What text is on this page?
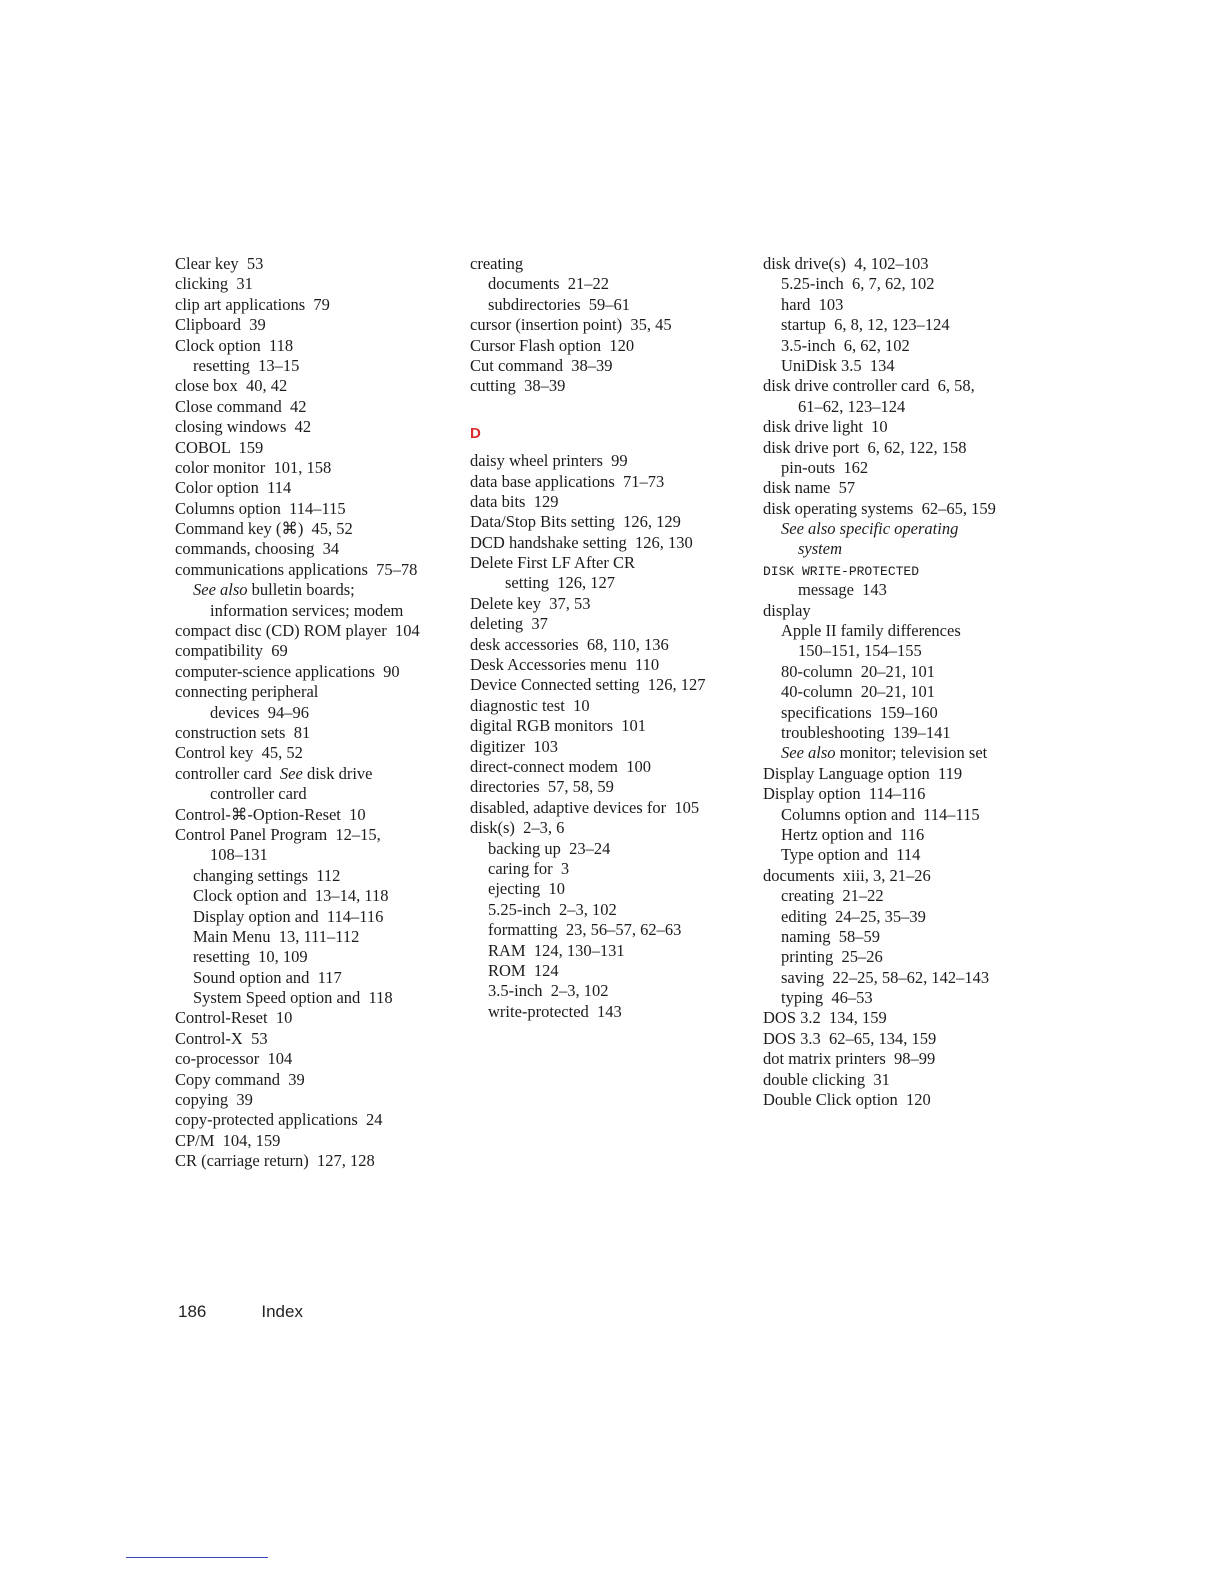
Clear key  53
clicking  31
clip art applications  79
Clipboard  39
Clock option  118
resetting  13–15
close box  40, 42
Close command  42
closing windows  42
COBOL  159
color monitor  101, 158
Color option  114
Columns option  114–115
Command key (⌘)  45, 52
commands, choosing  34
communications applications  75–78
See also bulletin boards;
information services; modem
compact disc (CD) ROM player  104
compatibility  69
computer-science applications  90
connecting peripheral
devices  94–96
construction sets  81
Control key  45, 52
controller card  See disk drive
controller card
Control-⌘-Option-Reset  10
Control Panel Program  12–15,
108–131
changing settings  112
Clock option and  13–14, 118
Display option and  114–116
Main Menu  13, 111–112
resetting  10, 109
Sound option and  117
System Speed option and  118
Control-Reset  10
Control-X  53
co-processor  104
Copy command  39
copying  39
copy-protected applications  24
CP/M  104, 159
CR (carriage return)  127, 128
creating
documents  21–22
subdirectories  59–61
cursor (insertion point)  35, 45
Cursor Flash option  120
Cut command  38–39
cutting  38–39
D
daisy wheel printers  99
data base applications  71–73
data bits  129
Data/Stop Bits setting  126, 129
DCD handshake setting  126, 130
Delete First LF After CR
setting  126, 127
Delete key  37, 53
deleting  37
desk accessories  68, 110, 136
Desk Accessories menu  110
Device Connected setting  126, 127
diagnostic test  10
digital RGB monitors  101
digitizer  103
direct-connect modem  100
directories  57, 58, 59
disabled, adaptive devices for  105
disk(s)  2–3, 6
backing up  23–24
caring for  3
ejecting  10
5.25-inch  2–3, 102
formatting  23, 56–57, 62–63
RAM  124, 130–131
ROM  124
3.5-inch  2–3, 102
write-protected  143
disk drive(s)  4, 102–103
5.25-inch  6, 7, 62, 102
hard  103
startup  6, 8, 12, 123–124
3.5-inch  6, 62, 102
UniDisk 3.5  134
disk drive controller card  6, 58,
61–62, 123–124
disk drive light  10
disk drive port  6, 62, 122, 158
pin-outs  162
disk name  57
disk operating systems  62–65, 159
See also specific operating
system
DISK WRITE-PROTECTED
message  143
display
Apple II family differences
150–151, 154–155
80-column  20–21, 101
40-column  20–21, 101
specifications  159–160
troubleshooting  139–141
See also monitor; television set
Display Language option  119
Display option  114–116
Columns option and  114–115
Hertz option and  116
Type option and  114
documents  xiii, 3, 21–26
creating  21–22
editing  24–25, 35–39
naming  58–59
printing  25–26
saving  22–25, 58–62, 142–143
typing  46–53
DOS 3.2  134, 159
DOS 3.3  62–65, 134, 159
dot matrix printers  98–99
double clicking  31
Double Click option  120
186	Index
